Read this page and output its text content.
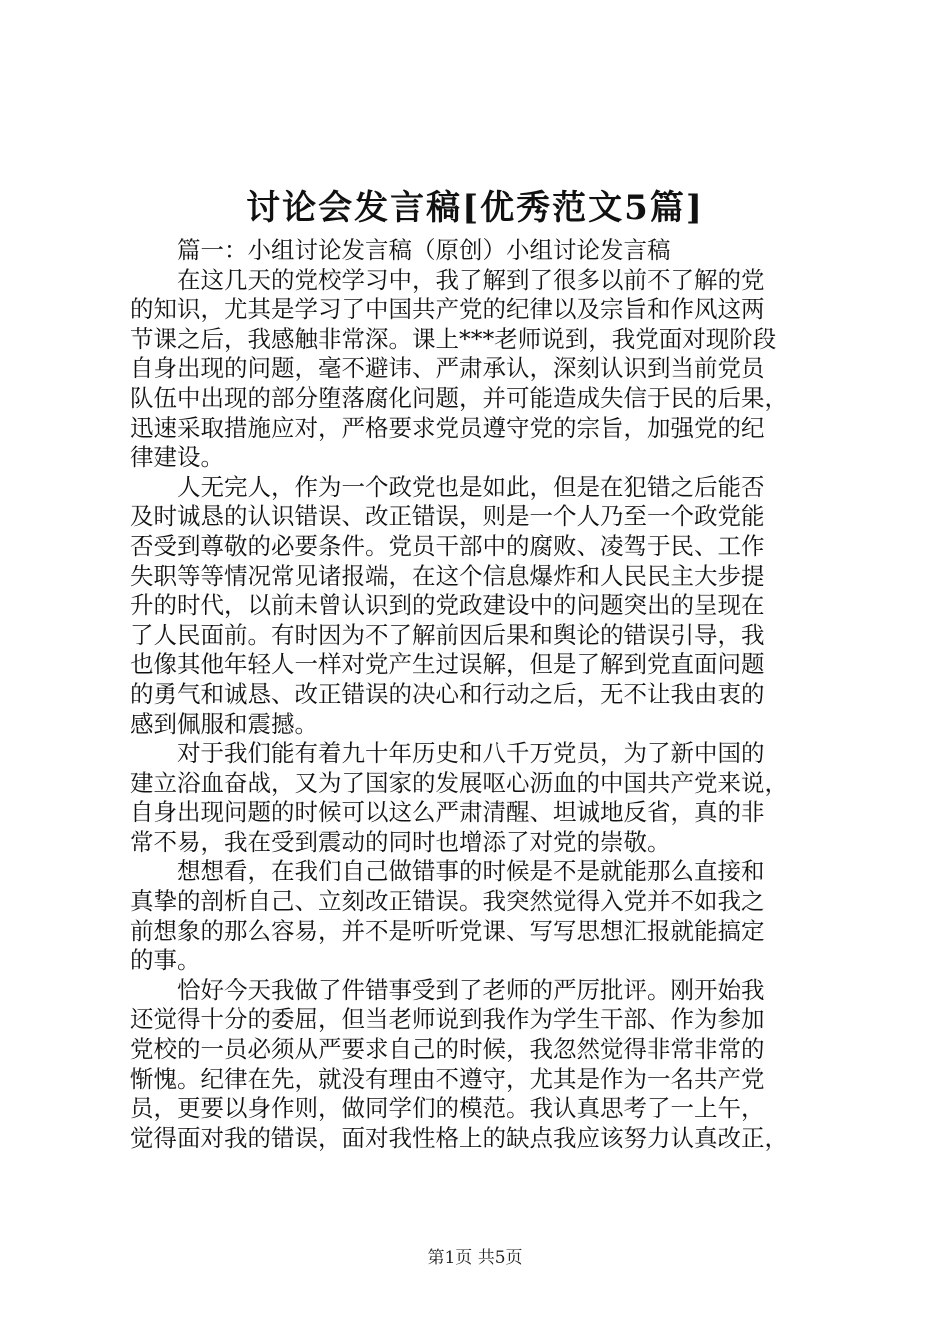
讨论会发言稿[优秀范文5篇]
篇一：小组讨论发言稿（原创）小组讨论发言稿
在这几天的党校学习中，我了解到了很多以前不了解的党
的知识，尤其是学习了中国共产党的纪律以及宗旨和作风这两
节课之后，我感触非常深。课上***老师说到，我党面对现阶段
自身出现的问题，毫不避讳、严肃承认，深刻认识到当前党员
队伍中出现的部分堕落腐化问题，并可能造成失信于民的后果，
迅速采取措施应对，严格要求党员遵守党的宗旨，加强党的纪
律建设。
人无完人，作为一个政党也是如此，但是在犯错之后能否
及时诚恳的认识错误、改正错误，则是一个人乃至一个政党能
否受到尊敬的必要条件。党员干部中的腐败、凌驾于民、工作
失职等等情况常见诸报端，在这个信息爆炸和人民民主大步提
升的时代，以前未曾认识到的党政建设中的问题突出的呈现在
了人民面前。有时因为不了解前因后果和舆论的错误引导，我
也像其他年轻人一样对党产生过误解，但是了解到党直面问题
的勇气和诚恳、改正错误的决心和行动之后，无不让我由衷的
感到佩服和震撼。
对于我们能有着九十年历史和八千万党员，为了新中国的
建立浴血奋战，又为了国家的发展呕心沥血的中国共产党来说，
自身出现问题的时候可以这么严肃清醒、坦诚地反省，真的非
常不易，我在受到震动的同时也增添了对党的崇敬。
想想看，在我们自己做错事的时候是不是就能那么直接和
真挚的剖析自己、立刻改正错误。我突然觉得入党并不如我之
前想象的那么容易，并不是听听党课、写写思想汇报就能搞定
的事。
恰好今天我做了件错事受到了老师的严厉批评。刚开始我
还觉得十分的委屈，但当老师说到我作为学生干部、作为参加
党校的一员必须从严要求自己的时候，我忽然觉得非常非常的
惭愧。纪律在先，就没有理由不遵守，尤其是作为一名共产党
员，更要以身作则，做同学们的模范。我认真思考了一上午，
觉得面对我的错误，面对我性格上的缺点我应该努力认真改正，
第1页 共5页
